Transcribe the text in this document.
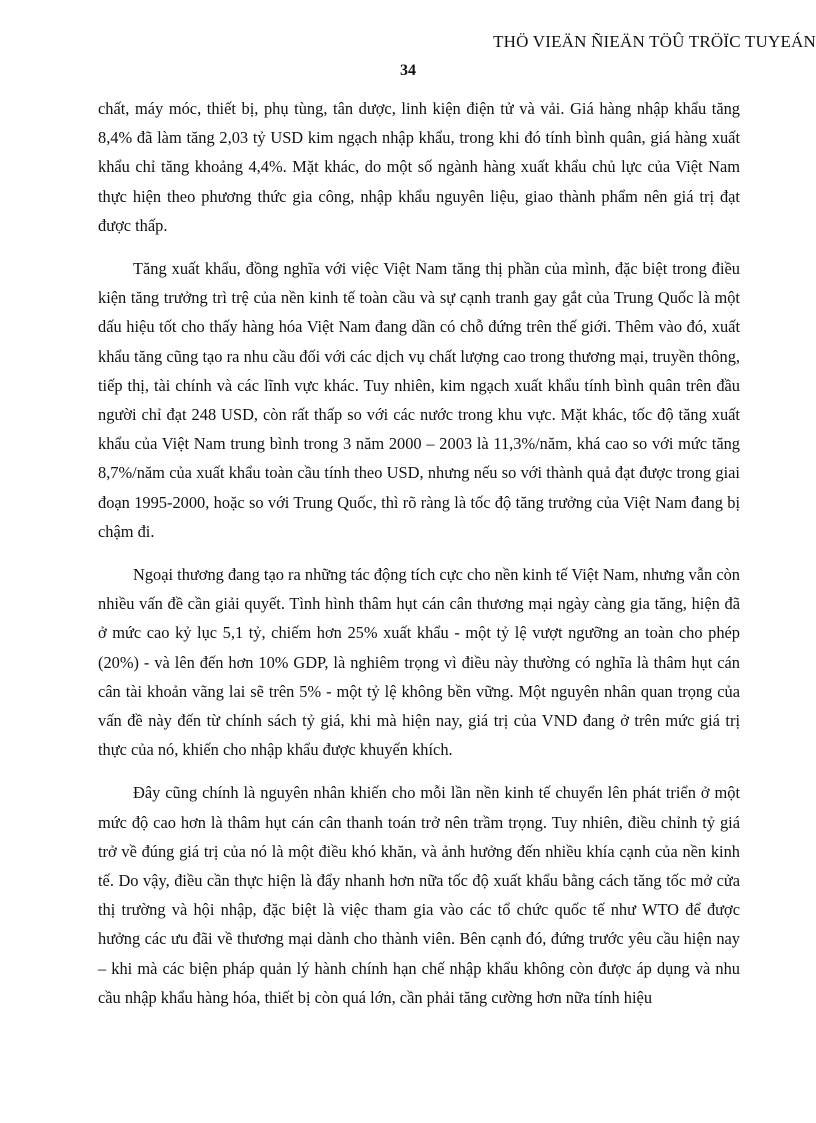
THÖ VIEÄN ÑIEÄN TÖÛ TRÖÏC TUYEÁN
34

chất, máy móc, thiết bị, phụ tùng, tân dược, linh kiện điện tử và vải. Giá hàng nhập khẩu tăng 8,4% đã làm tăng 2,03 tỷ USD kim ngạch nhập khẩu, trong khi đó tính bình quân, giá hàng xuất khẩu chỉ tăng khoảng 4,4%. Mặt khác, do một số ngành hàng xuất khẩu chủ lực của Việt Nam thực hiện theo phương thức gia công, nhập khẩu nguyên liệu, giao thành phẩm nên giá trị đạt được thấp.

Tăng xuất khẩu, đồng nghĩa với việc Việt Nam tăng thị phần của mình, đặc biệt trong điều kiện tăng trưởng trì trệ của nền kinh tế toàn cầu và sự cạnh tranh gay gắt của Trung Quốc là một dấu hiệu tốt cho thấy hàng hóa Việt Nam đang dần có chỗ đứng trên thế giới. Thêm vào đó, xuất khẩu tăng cũng tạo ra nhu cầu đối với các dịch vụ chất lượng cao trong thương mại, truyền thông, tiếp thị, tài chính và các lĩnh vực khác. Tuy nhiên, kim ngạch xuất khẩu tính bình quân trên đầu người chỉ đạt 248 USD, còn rất thấp so với các nước trong khu vực. Mặt khác, tốc độ tăng xuất khẩu của Việt Nam trung bình trong 3 năm 2000 – 2003 là 11,3%/năm, khá cao so với mức tăng 8,7%/năm của xuất khẩu toàn cầu tính theo USD, nhưng nếu so với thành quả đạt được trong giai đoạn 1995-2000, hoặc so với Trung Quốc, thì rõ ràng là tốc độ tăng trưởng của Việt Nam đang bị chậm đi.

Ngoại thương đang tạo ra những tác động tích cực cho nền kinh tế Việt Nam, nhưng vẫn còn nhiều vấn đề cần giải quyết. Tình hình thâm hụt cán cân thương mại ngày càng gia tăng, hiện đã ở mức cao kỷ lục 5,1 tỷ, chiếm hơn 25% xuất khẩu - một tỷ lệ vượt ngưỡng an toàn cho phép (20%) - và lên đến hơn 10% GDP, là nghiêm trọng vì điều này thường có nghĩa là thâm hụt cán cân tài khoản vãng lai sẽ trên 5% - một tỷ lệ không bền vững. Một nguyên nhân quan trọng của vấn đề này đến từ chính sách tỷ giá, khi mà hiện nay, giá trị của VND đang ở trên mức giá trị thực của nó, khiến cho nhập khẩu được khuyến khích.

Đây cũng chính là nguyên nhân khiến cho mỗi lần nền kinh tế chuyển lên phát triển ở một mức độ cao hơn là thâm hụt cán cân thanh toán trở nên trầm trọng. Tuy nhiên, điều chỉnh tỷ giá trở về đúng giá trị của nó là một điều khó khăn, và ảnh hưởng đến nhiều khía cạnh của nền kinh tế. Do vậy, điều cần thực hiện là đẩy nhanh hơn nữa tốc độ xuất khẩu bằng cách tăng tốc mở cửa thị trường và hội nhập, đặc biệt là việc tham gia vào các tổ chức quốc tế như WTO để được hưởng các ưu đãi về thương mại dành cho thành viên. Bên cạnh đó, đứng trước yêu cầu hiện nay – khi mà các biện pháp quản lý hành chính hạn chế nhập khẩu không còn được áp dụng và nhu cầu nhập khẩu hàng hóa, thiết bị còn quá lớn, cần phải tăng cường hơn nữa tính hiệu
